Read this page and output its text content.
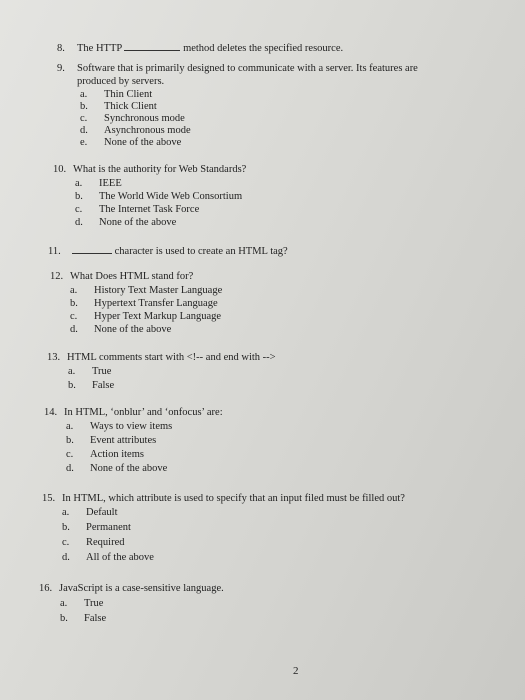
8. The HTTP	method deletes the specified resource.
9. Software that is primarily designed to communicate with a server. Its features are
produced by servers.
a. Thin Client
b. Thick Client
c. Synchronous mode
d. Asynchronous mode
e. None of the above
10. What is the authority for Web Standards?
a. IEEE
b. The World Wide Web Consortium
c. The Internet Task Force
d. None of the above
11.	character is used to create an HTML tag?
12. What Does HTML stand for?
a. History Text Master Language
b. Hypertext Transfer Language
c. Hyper Text Markup Language
d. None of the above
13. HTML comments start with <!-- and end with -->
a. True
b. False
14. In HTML, ‘onblur’ and ‘onfocus’ are:
a. Ways to view items
b. Event attributes
c. Action items
d. None of the above
15. In HTML, which attribute is used to specify that an input filed must be filled out?
a. Default
b. Permanent
c. Required
d. All of the above
16. JavaScript is a case-sensitive language.
a. True
b. False
2
